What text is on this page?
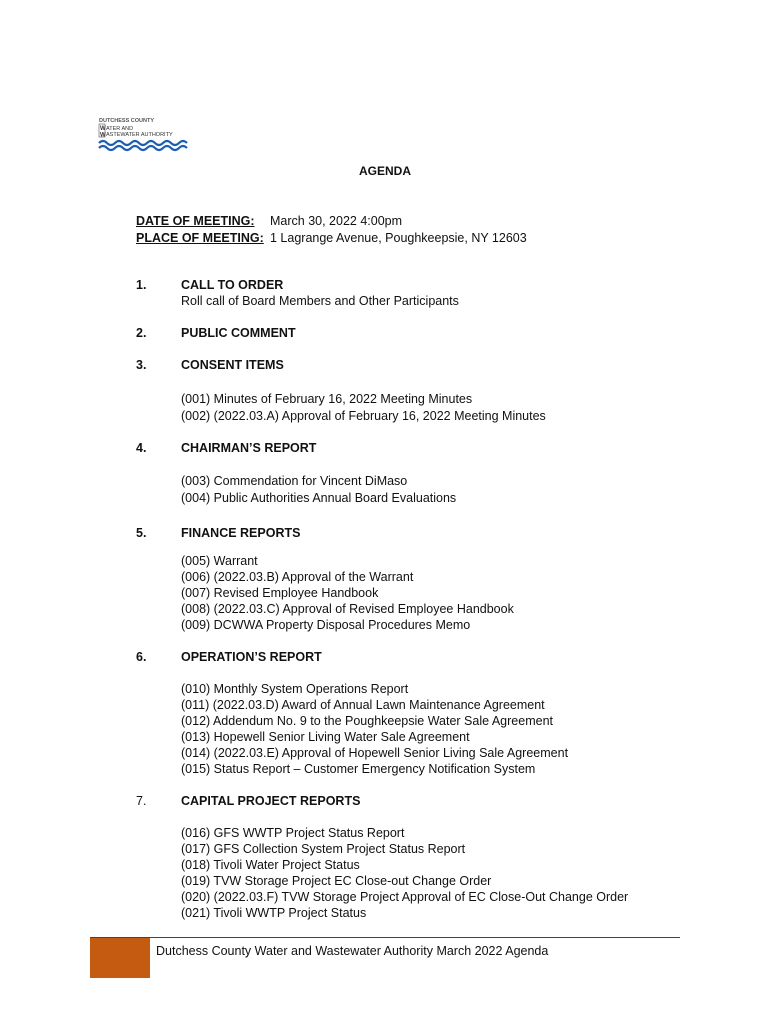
DUTCHESS COUNTY
W
W
ATER AND
ASTEWATER AUTHORITY
AGENDA
DATE OF MEETING: March 30, 2022 4:00pm
PLACE OF MEETING: 1 Lagrange Avenue, Poughkeepsie, NY 12603
1.	CALL TO ORDER
Roll call of Board Members and Other Participants
2.	PUBLIC COMMENT
3.	CONSENT ITEMS
(001) Minutes of February 16, 2022 Meeting Minutes
(002) (2022.03.A) Approval of February 16, 2022 Meeting Minutes
4.	CHAIRMAN’S REPORT
(003) Commendation for Vincent DiMaso
(004) Public Authorities Annual Board Evaluations
5.	FINANCE REPORTS
(005) Warrant
(006) (2022.03.B) Approval of the Warrant
(007) Revised Employee Handbook
(008) (2022.03.C) Approval of Revised Employee Handbook
(009) DCWWA Property Disposal Procedures Memo
6.	OPERATION’S REPORT
(010) Monthly System Operations Report
(011) (2022.03.D) Award of Annual Lawn Maintenance Agreement
(012) Addendum No. 9 to the Poughkeepsie Water Sale Agreement
(013) Hopewell Senior Living Water Sale Agreement
(014) (2022.03.E) Approval of Hopewell Senior Living Sale Agreement
(015) Status Report – Customer Emergency Notification System
7.	CAPITAL PROJECT REPORTS
(016) GFS WWTP Project Status Report
(017) GFS Collection System Project Status Report
(018) Tivoli Water Project Status
(019) TVW Storage Project EC Close-out Change Order
(020) (2022.03.F) TVW Storage Project Approval of EC Close-Out Change Order
(021) Tivoli WWTP Project Status
Dutchess County Water and Wastewater Authority March 2022 Agenda
